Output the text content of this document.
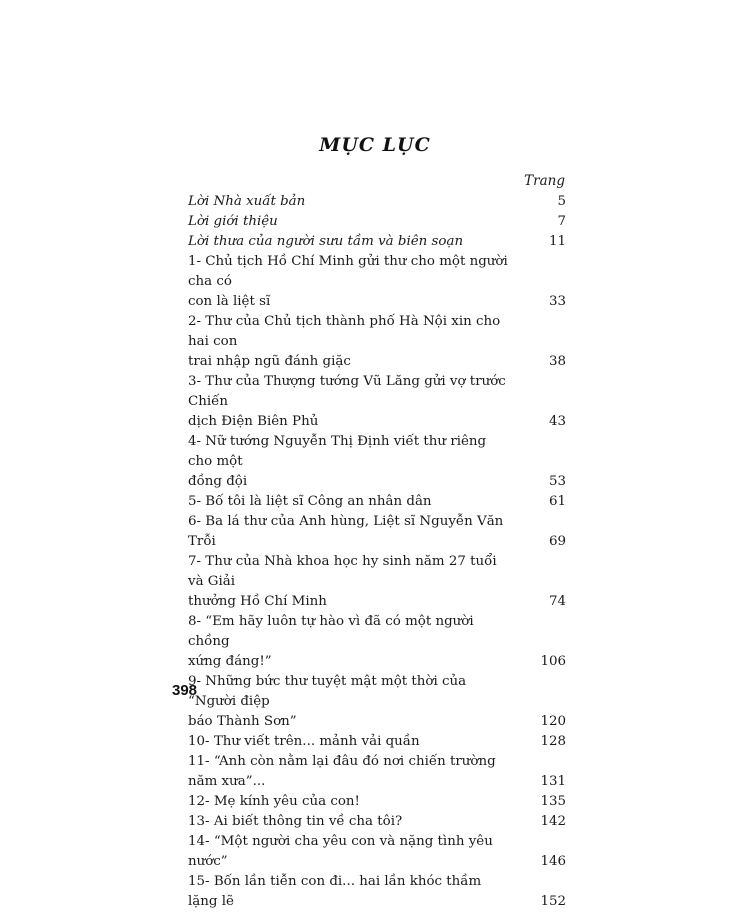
MỤC LỤC
Trang
Lời Nhà xuất bản	5
Lời giới thiệu	7
Lời thưa của người sưu tầm và biên soạn	11
1- Chủ tịch Hồ Chí Minh gửi thư cho một người cha có
con là liệt sĩ	33
2- Thư của Chủ tịch thành phố Hà Nội xin cho hai con
trai nhập ngũ đánh giặc	38
3- Thư của Thượng tướng Vũ Lăng gửi vợ trước Chiến
dịch Điện Biên Phủ	43
4- Nữ tướng Nguyễn Thị Định viết thư riêng cho một
đồng đội	53
5- Bố tôi là liệt sĩ Công an nhân dân	61
6- Ba lá thư của Anh hùng, Liệt sĩ Nguyễn Văn Trỗi	69
7- Thư của Nhà khoa học hy sinh năm 27 tuổi và Giải
thưởng Hồ Chí Minh	74
8- “Em hãy luôn tự hào vì đã có một người chồng
xứng đáng!”	106
9- Những bức thư tuyệt mật một thời của “Người điệp
báo Thành Sơn”	120
10- Thư viết trên... mảnh vải quần	128
11- “Anh còn nằm lại đâu đó nơi chiến trường năm xưa”...	131
12- Mẹ kính yêu của con!	135
13- Ai biết thông tin về cha tôi?	142
14- “Một người cha yêu con và nặng tình yêu nước”	146
15- Bốn lần tiễn con đi... hai lần khóc thầm lặng lẽ	152
398
